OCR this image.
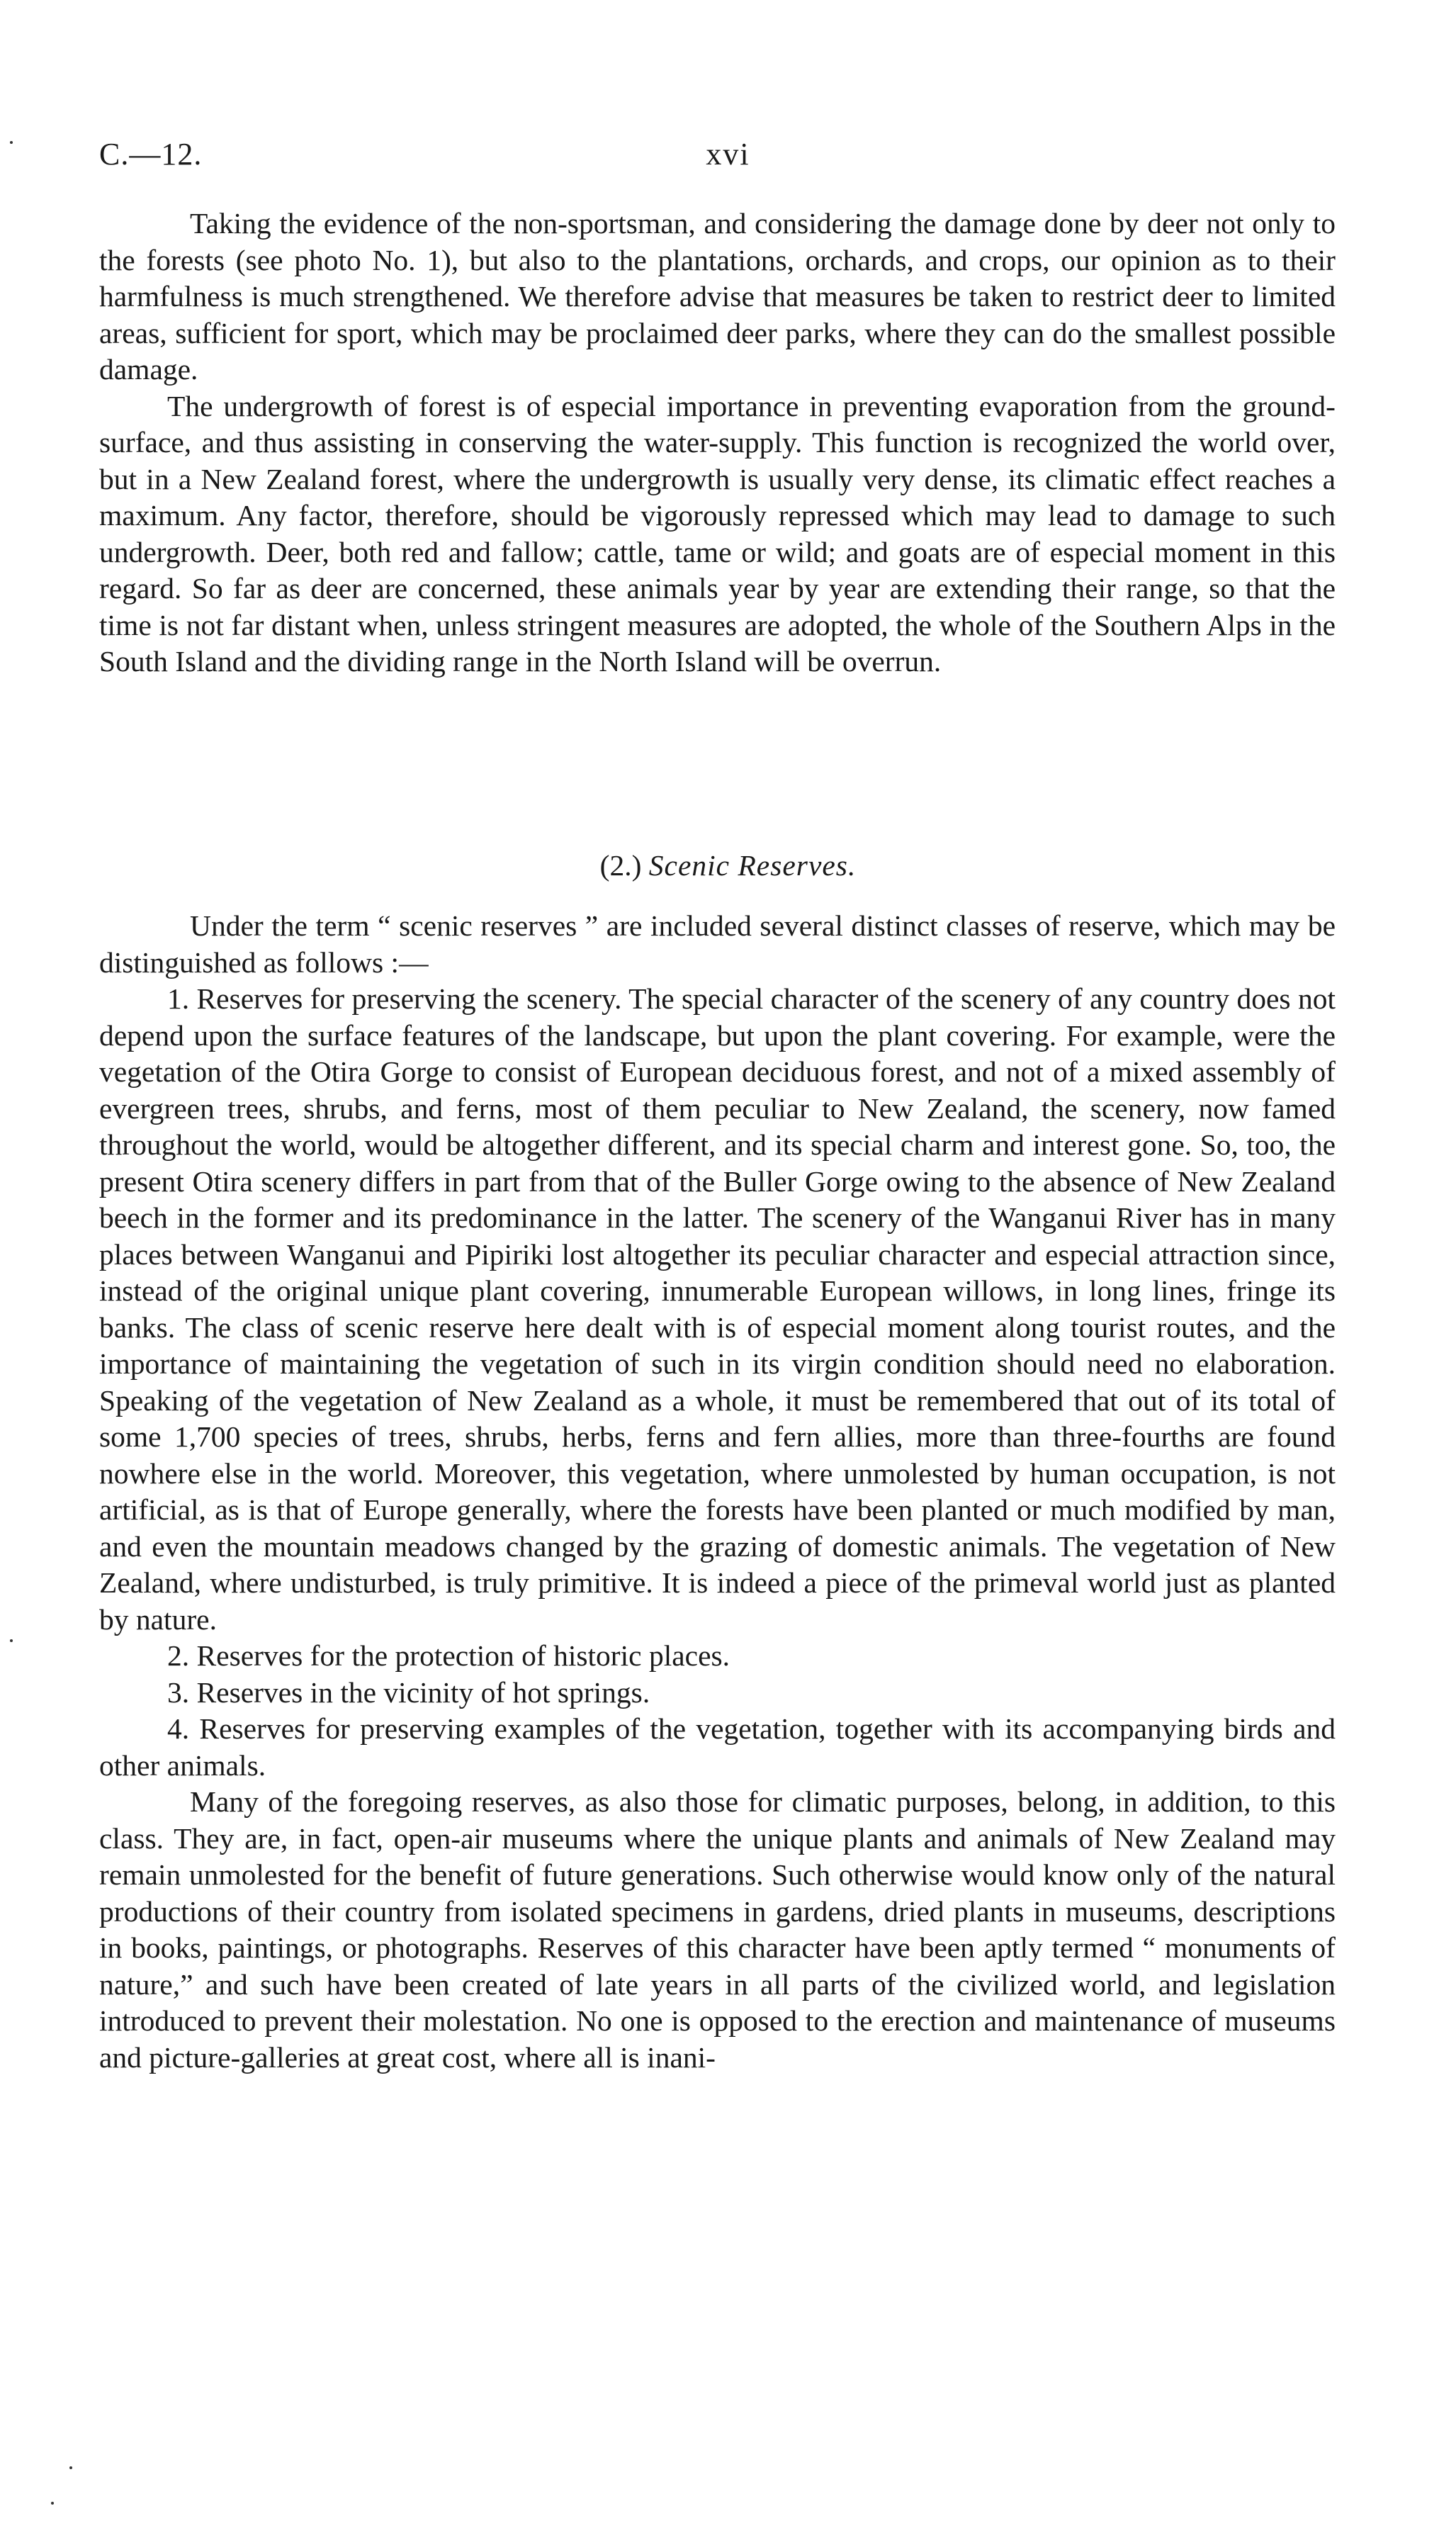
C.—12.	xvi

Taking the evidence of the non-sportsman, and considering the damage done by deer not only to the forests (see photo No. 1), but also to the plantations, orchards, and crops, our opinion as to their harmfulness is much strengthened. We therefore advise that measures be taken to restrict deer to limited areas, sufficient for sport, which may be proclaimed deer parks, where they can do the smallest possible damage.

The undergrowth of forest is of especial importance in preventing evaporation from the ground-surface, and thus assisting in conserving the water-supply. This function is recognized the world over, but in a New Zealand forest, where the undergrowth is usually very dense, its climatic effect reaches a maximum. Any factor, therefore, should be vigorously repressed which may lead to damage to such undergrowth. Deer, both red and fallow; cattle, tame or wild; and goats are of especial moment in this regard. So far as deer are concerned, these animals year by year are extending their range, so that the time is not far distant when, unless stringent measures are adopted, the whole of the Southern Alps in the South Island and the dividing range in the North Island will be overrun.

(2.) Scenic Reserves.

Under the term “ scenic reserves ” are included several distinct classes of reserve, which may be distinguished as follows :—

1. Reserves for preserving the scenery. The special character of the scenery of any country does not depend upon the surface features of the landscape, but upon the plant covering. For example, were the vegetation of the Otira Gorge to consist of European deciduous forest, and not of a mixed assembly of evergreen trees, shrubs, and ferns, most of them peculiar to New Zealand, the scenery, now famed throughout the world, would be altogether different, and its special charm and interest gone. So, too, the present Otira scenery differs in part from that of the Buller Gorge owing to the absence of New Zealand beech in the former and its predominance in the latter. The scenery of the Wanganui River has in many places between Wanganui and Pipiriki lost altogether its peculiar character and especial attraction since, instead of the original unique plant covering, innumerable European willows, in long lines, fringe its banks. The class of scenic reserve here dealt with is of especial moment along tourist routes, and the importance of maintaining the vegetation of such in its virgin condition should need no elaboration. Speaking of the vegetation of New Zealand as a whole, it must be remembered that out of its total of some 1,700 species of trees, shrubs, herbs, ferns and fern allies, more than three-fourths are found nowhere else in the world. Moreover, this vegetation, where unmolested by human occupation, is not artificial, as is that of Europe generally, where the forests have been planted or much modified by man, and even the mountain meadows changed by the grazing of domestic animals. The vegetation of New Zealand, where undisturbed, is truly primitive. It is indeed a piece of the primeval world just as planted by nature.

2. Reserves for the protection of historic places.

3. Reserves in the vicinity of hot springs.

4. Reserves for preserving examples of the vegetation, together with its accompanying birds and other animals.

Many of the foregoing reserves, as also those for climatic purposes, belong, in addition, to this class. They are, in fact, open-air museums where the unique plants and animals of New Zealand may remain unmolested for the benefit of future generations. Such otherwise would know only of the natural productions of their country from isolated specimens in gardens, dried plants in museums, descriptions in books, paintings, or photographs. Reserves of this character have been aptly termed “ monuments of nature,” and such have been created of late years in all parts of the civilized world, and legislation introduced to prevent their molestation. No one is opposed to the erection and maintenance of museums and picture-galleries at great cost, where all is inani-
